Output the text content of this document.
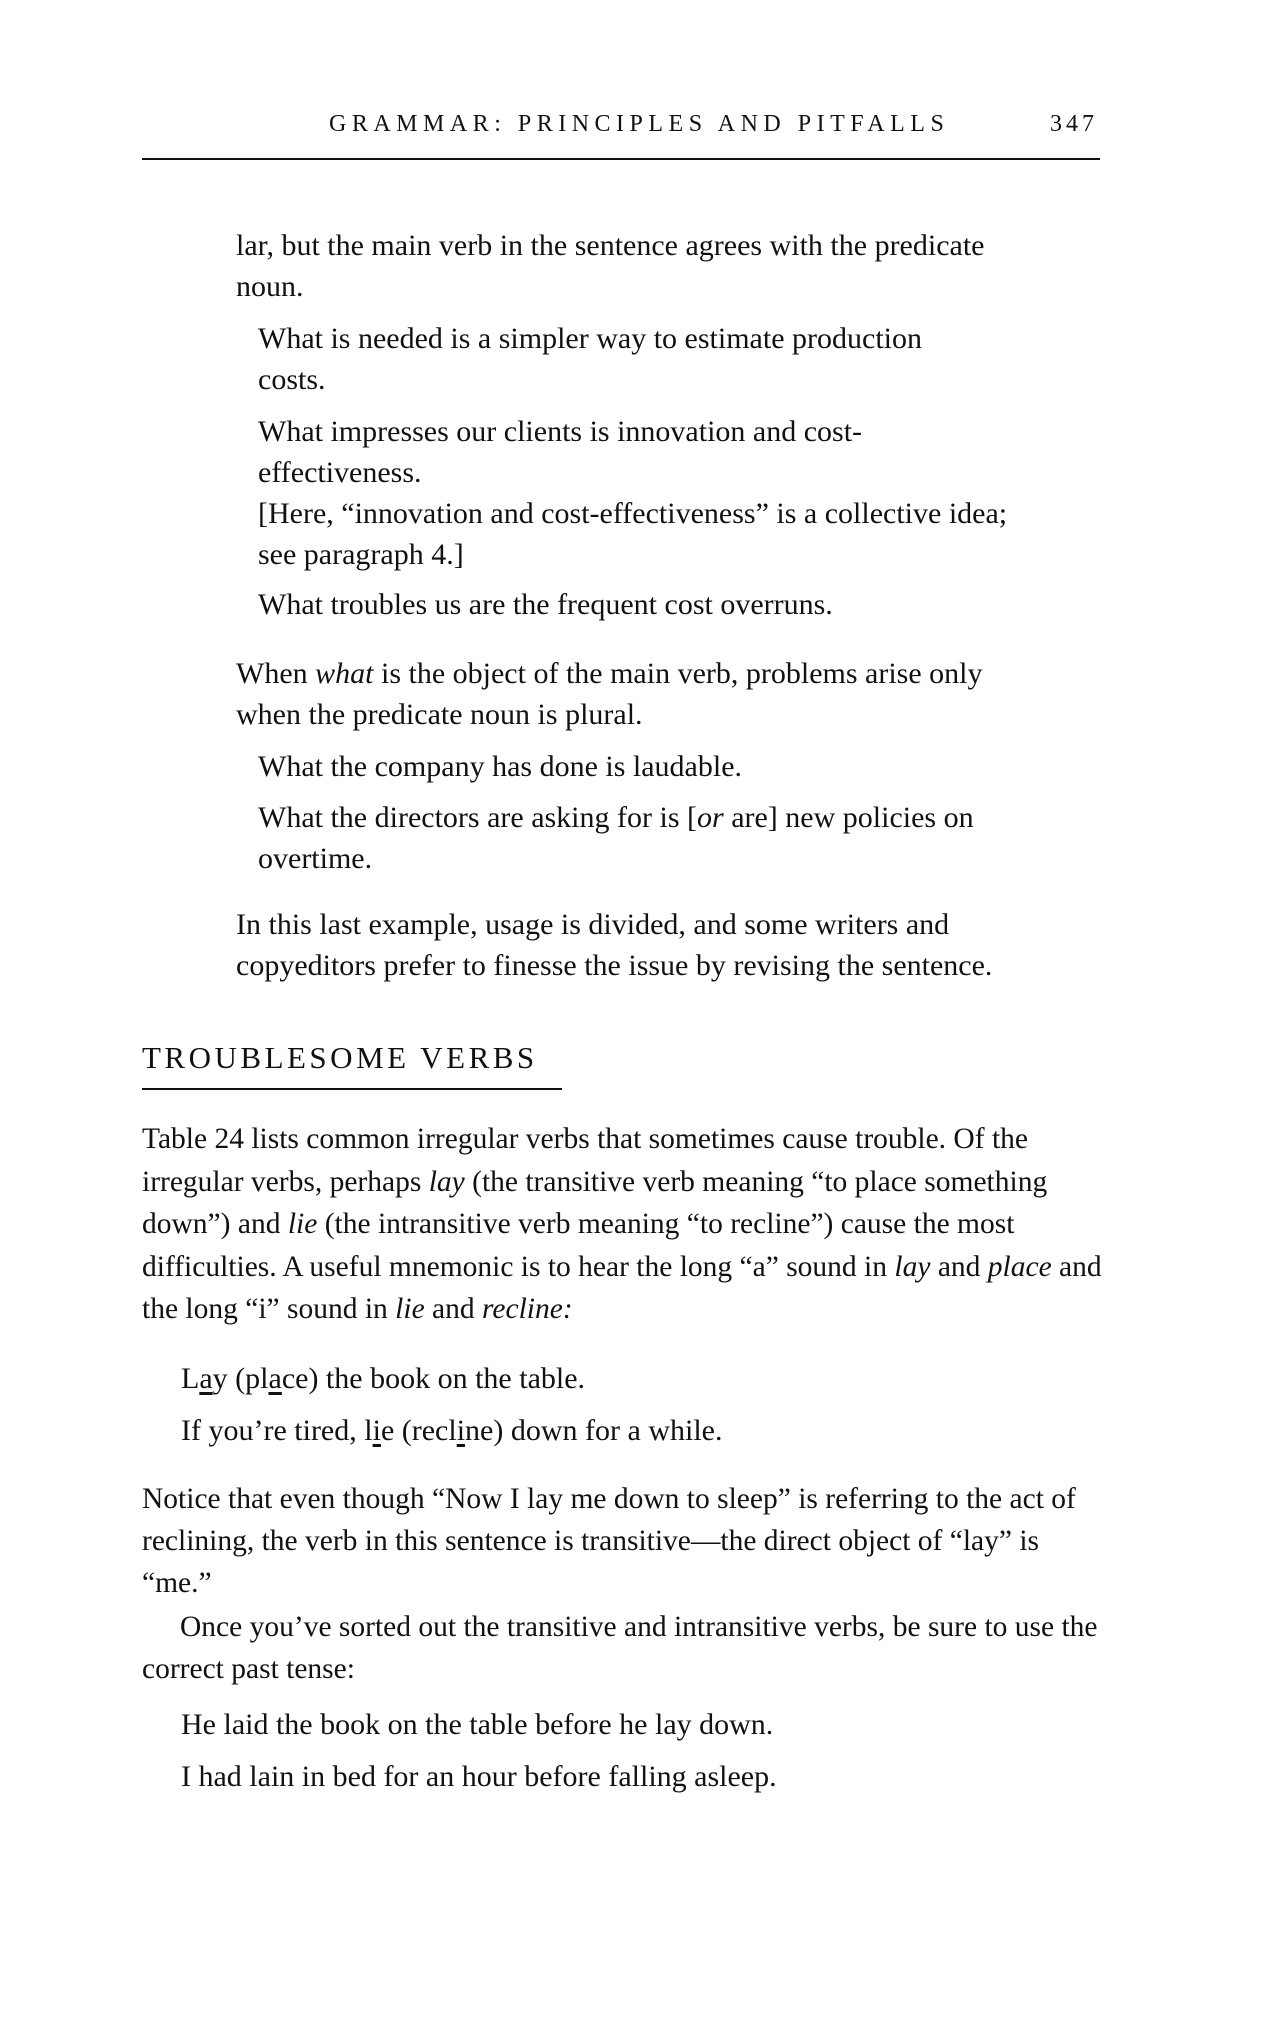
GRAMMAR: PRINCIPLES AND PITFALLS	347

lar, but the main verb in the sentence agrees with the predicate

noun.

What is needed is a simpler way to estimate production

costs.

What impresses our clients is innovation and cost-

effectiveness.

[Here, “innovation and cost-effectiveness” is a collective idea;

see paragraph 4.]

What troubles us are the frequent cost overruns.

When what is the object of the main verb, problems arise only

when the predicate noun is plural.

What the company has done is laudable.

What the directors are asking for is [or are] new policies on

overtime.

In this last example, usage is divided, and some writers and

copyeditors prefer to finesse the issue by revising the sentence.

TROUBLESOME VERBS

Table 24 lists common irregular verbs that sometimes cause trouble. Of the irregular verbs, perhaps lay (the transitive verb meaning “to place something down”) and lie (the intransitive verb meaning “to recline”) cause the most difficulties. A useful mnemonic is to hear the long “a” sound in lay and place and the long “i” sound in lie and recline:

Lay (place) the book on the table.

If you’re tired, lie (recline) down for a while.

Notice that even though “Now I lay me down to sleep” is referring to the act of reclining, the verb in this sentence is transitive—the direct object of “lay” is “me.”

Once you’ve sorted out the transitive and intransitive verbs, be sure to use the correct past tense:

He laid the book on the table before he lay down.

I had lain in bed for an hour before falling asleep.
